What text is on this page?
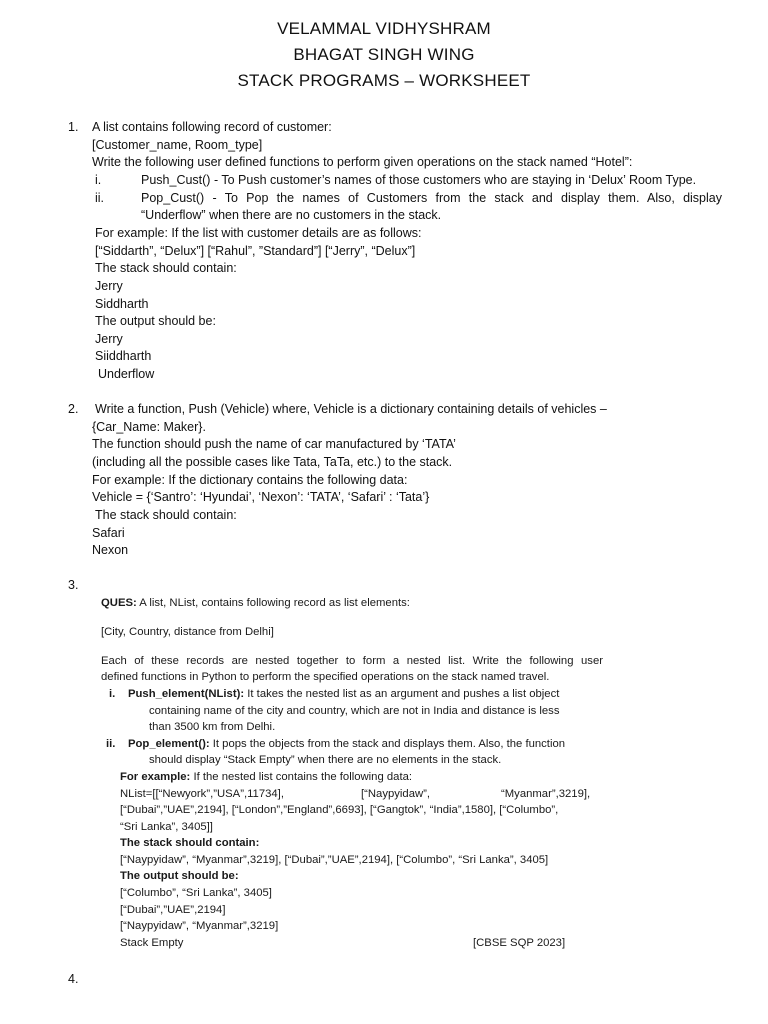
VELAMMAL VIDHYSHRAM
BHAGAT SINGH WING
STACK PROGRAMS – WORKSHEET
1. A list contains following record of customer:
[Customer_name, Room_type]
Write the following user defined functions to perform given operations on the stack named “Hotel”:
i.	Push_Cust() - To Push customer’s names of those customers who are staying in ‘Delux’ Room Type.
ii.	Pop_Cust() - To Pop the names of Customers from the stack and display them. Also, display
“Underflow” when there are no customers in the stack.
For example: If the list with customer details are as follows:
[“Siddarth”, “Delux”] [“Rahul”, ”Standard”] [“Jerry”, “Delux”]
The stack should contain:
Jerry
Siddharth
The output should be:
Jerry
Siiddharth
Underflow
2. Write a function, Push (Vehicle) where, Vehicle is a dictionary containing details of vehicles –
{Car_Name: Maker}.
The function should push the name of car manufactured by ‘TATA’
(including all the possible cases like Tata, TaTa, etc.) to the stack.
For example: If the dictionary contains the following data:
Vehicle = {‘Santro’: ‘Hyundai’, ‘Nexon’: ‘TATA’, ‘Safari’ : ‘Tata’}
The stack should contain:
Safari
Nexon
3.
QUES: A list, NList, contains following record as list elements:
[City, Country, distance from Delhi]
Each of these records are nested together to form a nested list. Write the following user
defined functions in Python to perform the specified operations on the stack named travel.
i. Push_element(NList): It takes the nested list as an argument and pushes a list object
containing name of the city and country, which are not in India and distance is less
than 3500 km from Delhi.
ii. Pop_element(): It pops the objects from the stack and displays them. Also, the function
should display “Stack Empty” when there are no elements in the stack.
For example: If the nested list contains the following data:
NList=[[“Newyork”,”USA”,11734],	[“Naypyidaw”,	“Myanmar”,3219],
[“Dubai”,”UAE”,2194], [“London”,”England”,6693], [“Gangtok”, “India”,1580], [“Columbo”,
“Sri Lanka”, 3405]]
The stack should contain:
[“Naypyidaw”, “Myanmar”,3219], [“Dubai”,”UAE”,2194], [“Columbo”, “Sri Lanka”, 3405]
The output should be:
[“Columbo”, “Sri Lanka”, 3405]
[“Dubai”,”UAE”,2194]
[“Naypyidaw”, “Myanmar”,3219]
Stack Empty	[CBSE SQP 2023]
4.
